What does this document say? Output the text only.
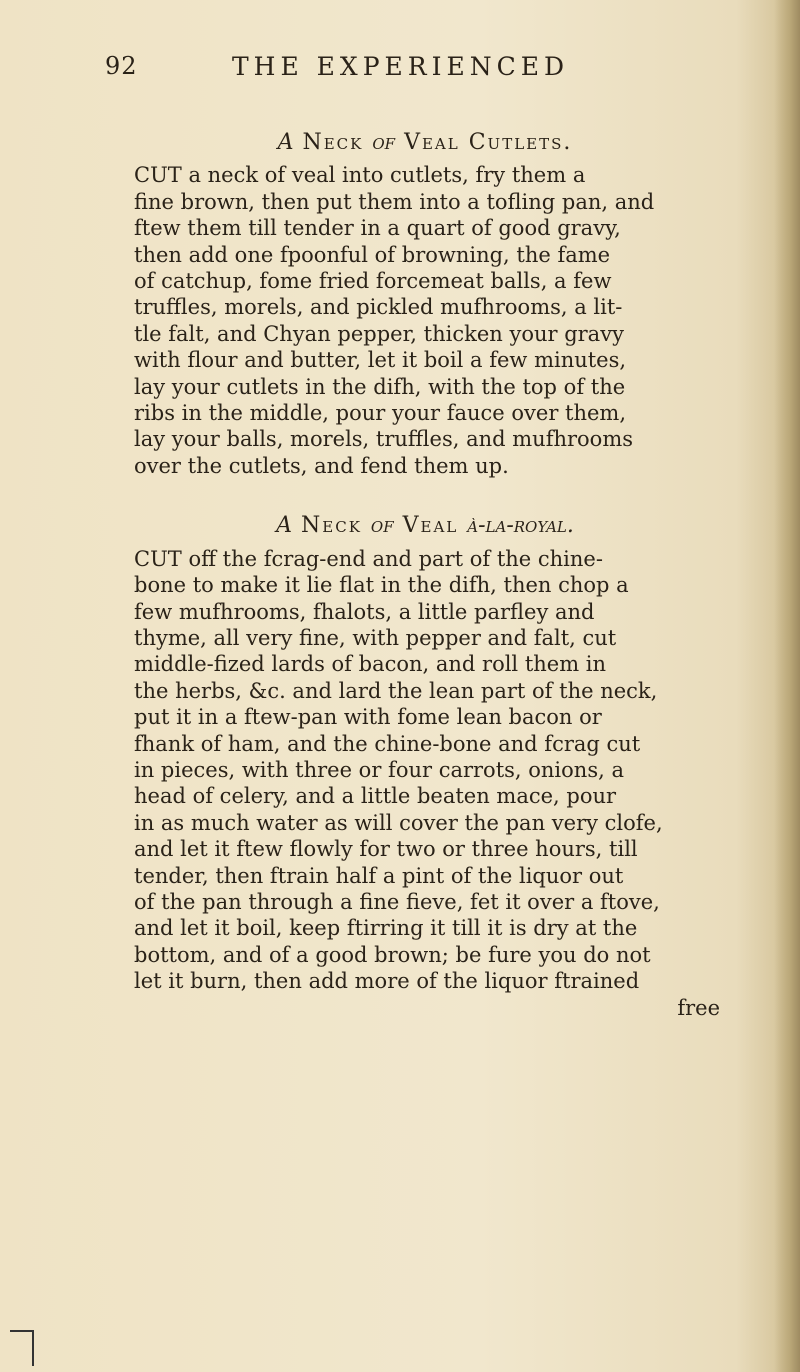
92	THE EXPERIENCED
A Neck of Veal Cutlets.
CUT a neck of veal into cutlets, fry them a
fine brown, then put them into a tofling pan, and
ftew them till tender in a quart of good gravy,
then add one fpoonful of browning, the fame
of catchup, fome fried forcemeat balls, a few
truffles, morels, and pickled mufhrooms, a lit-
tle falt, and Chyan pepper, thicken your gravy
with flour and butter, let it boil a few minutes,
lay your cutlets in the difh, with the top of the
ribs in the middle, pour your fauce over them,
lay your balls, morels, truffles, and mufhrooms
over the cutlets, and fend them up.
A Neck of Veal à-la-royal.
CUT off the fcrag-end and part of the chine-
bone to make it lie flat in the difh, then chop a
few mufhrooms, fhalots, a little parfley and
thyme, all very fine, with pepper and falt, cut
middle-fized lards of bacon, and roll them in
the herbs, &c. and lard the lean part of the neck,
put it in a ftew-pan with fome lean bacon or
fhank of ham, and the chine-bone and fcrag cut
in pieces, with three or four carrots, onions, a
head of celery, and a little beaten mace, pour
in as much water as will cover the pan very clofe,
and let it ftew flowly for two or three hours, till
tender, then ftrain half a pint of the liquor out
of the pan through a fine fieve, fet it over a ftove,
and let it boil, keep ftirring it till it is dry at the
bottom, and of a good brown; be fure you do not
let it burn, then add more of the liquor ftrained
free
